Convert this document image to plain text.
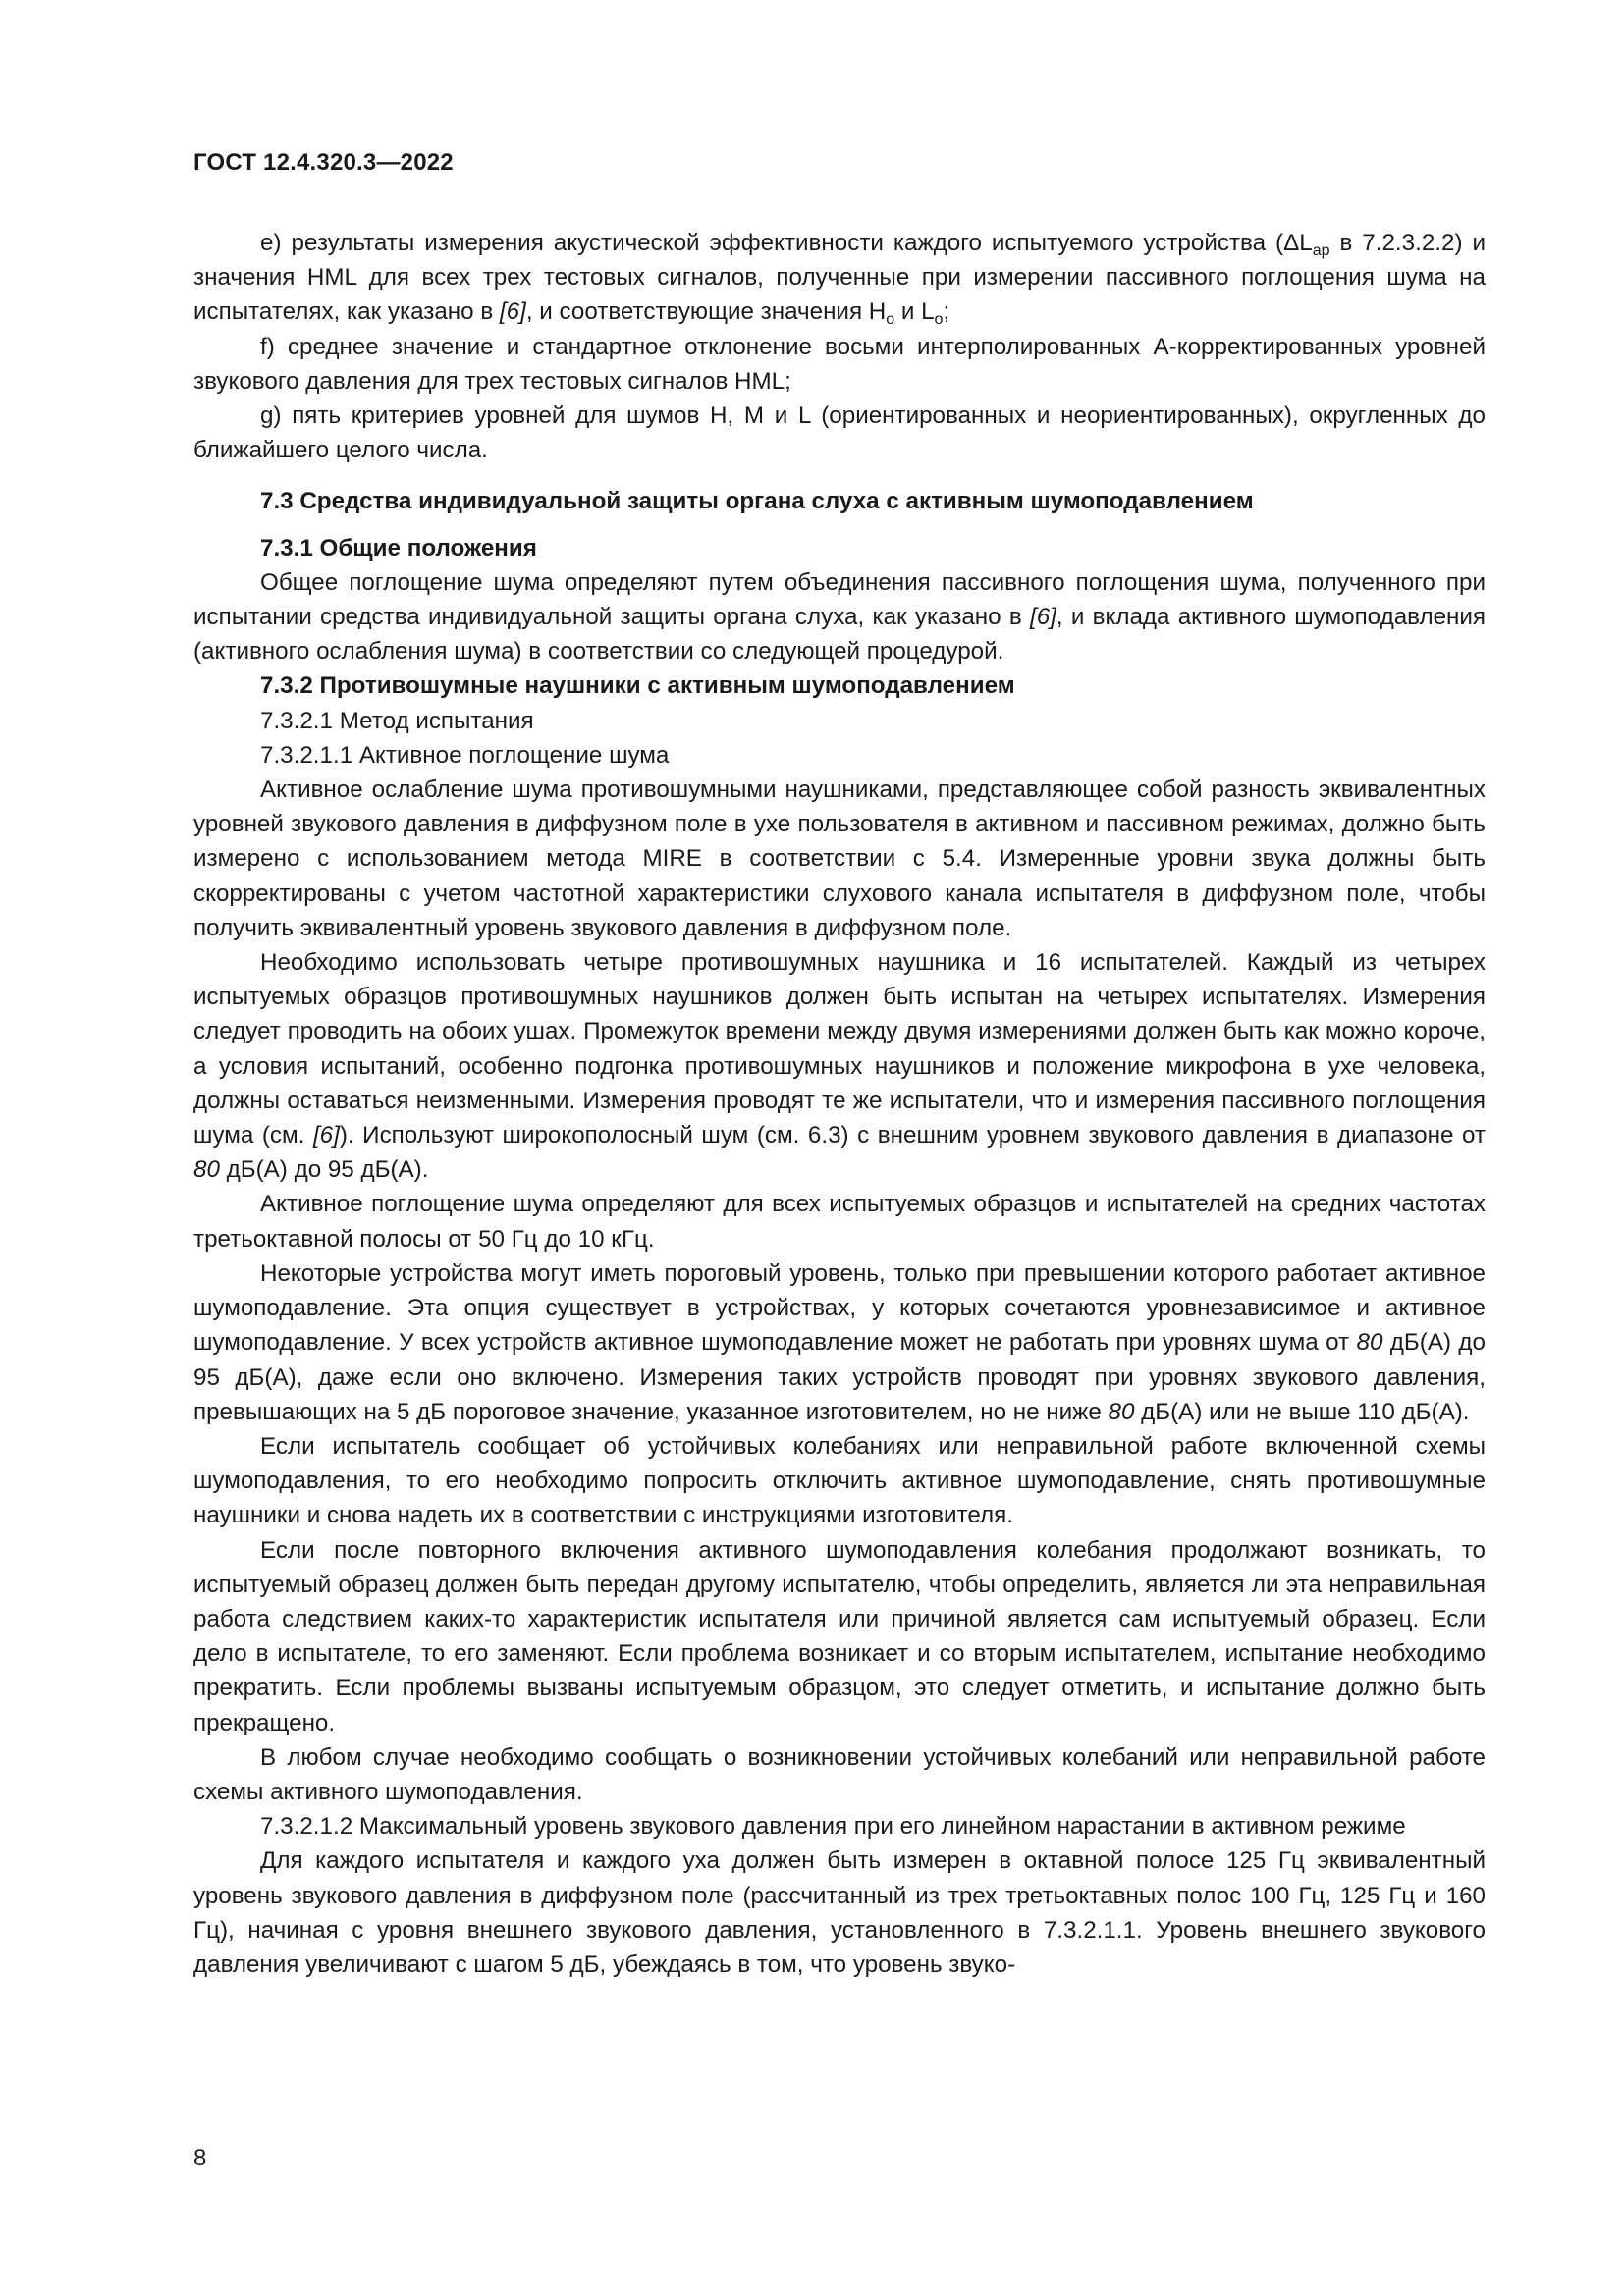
ГОСТ 12.4.320.3—2022

e) результаты измерения акустической эффективности каждого испытуемого устройства ($\Delta L_{ap}$ в 7.2.3.2.2) и значения HML для всех трех тестовых сигналов, полученные при измерении пассивного поглощения шума на испытателях, как указано в [6], и соответствующие значения $H_o$ и $L_o$;

f) среднее значение и стандартное отклонение восьми интерполированных А-корректированных уровней звукового давления для трех тестовых сигналов HML;

g) пять критериев уровней для шумов H, M и L (ориентированных и неориентированных), округленных до ближайшего целого числа.

7.3 Средства индивидуальной защиты органа слуха с активным шумоподавлением

7.3.1 Общие положения

Общее поглощение шума определяют путем объединения пассивного поглощения шума, полученного при испытании средства индивидуальной защиты органа слуха, как указано в [6], и вклада активного шумоподавления (активного ослабления шума) в соответствии со следующей процедурой.

7.3.2 Противошумные наушники с активным шумоподавлением

7.3.2.1 Метод испытания

7.3.2.1.1 Активное поглощение шума

Активное ослабление шума противошумными наушниками, представляющее собой разность эквивалентных уровней звукового давления в диффузном поле в ухе пользователя в активном и пассивном режимах, должно быть измерено с использованием метода MIRE в соответствии с 5.4. Измеренные уровни звука должны быть скорректированы с учетом частотной характеристики слухового канала испытателя в диффузном поле, чтобы получить эквивалентный уровень звукового давления в диффузном поле.

Необходимо использовать четыре противошумных наушника и 16 испытателей. Каждый из четырех испытуемых образцов противошумных наушников должен быть испытан на четырех испытателях. Измерения следует проводить на обоих ушах. Промежуток времени между двумя измерениями должен быть как можно короче, а условия испытаний, особенно подгонка противошумных наушников и положение микрофона в ухе человека, должны оставаться неизменными. Измерения проводят те же испытатели, что и измерения пассивного поглощения шума (см. [6]). Используют широкополосный шум (см. 6.3) с внешним уровнем звукового давления в диапазоне от 80 дБ(А) до 95 дБ(А).

Активное поглощение шума определяют для всех испытуемых образцов и испытателей на средних частотах третьоктавной полосы от 50 Гц до 10 кГц.

Некоторые устройства могут иметь пороговый уровень, только при превышении которого работает активное шумоподавление. Эта опция существует в устройствах, у которых сочетаются уровнезависимое и активное шумоподавление. У всех устройств активное шумоподавление может не работать при уровнях шума от 80 дБ(А) до 95 дБ(А), даже если оно включено. Измерения таких устройств проводят при уровнях звукового давления, превышающих на 5 дБ пороговое значение, указанное изготовителем, но не ниже 80 дБ(А) или не выше 110 дБ(А).

Если испытатель сообщает об устойчивых колебаниях или неправильной работе включенной схемы шумоподавления, то его необходимо попросить отключить активное шумоподавление, снять противошумные наушники и снова надеть их в соответствии с инструкциями изготовителя.

Если после повторного включения активного шумоподавления колебания продолжают возникать, то испытуемый образец должен быть передан другому испытателю, чтобы определить, является ли эта неправильная работа следствием каких-то характеристик испытателя или причиной является сам испытуемый образец. Если дело в испытателе, то его заменяют. Если проблема возникает и со вторым испытателем, испытание необходимо прекратить. Если проблемы вызваны испытуемым образцом, это следует отметить, и испытание должно быть прекращено.

В любом случае необходимо сообщать о возникновении устойчивых колебаний или неправильной работе схемы активного шумоподавления.

7.3.2.1.2 Максимальный уровень звукового давления при его линейном нарастании в активном режиме

Для каждого испытателя и каждого уха должен быть измерен в октавной полосе 125 Гц эквивалентный уровень звукового давления в диффузном поле (рассчитанный из трех третьоктавных полос 100 Гц, 125 Гц и 160 Гц), начиная с уровня внешнего звукового давления, установленного в 7.3.2.1.1. Уровень внешнего звукового давления увеличивают с шагом 5 дБ, убеждаясь в том, что уровень звуко-

8
